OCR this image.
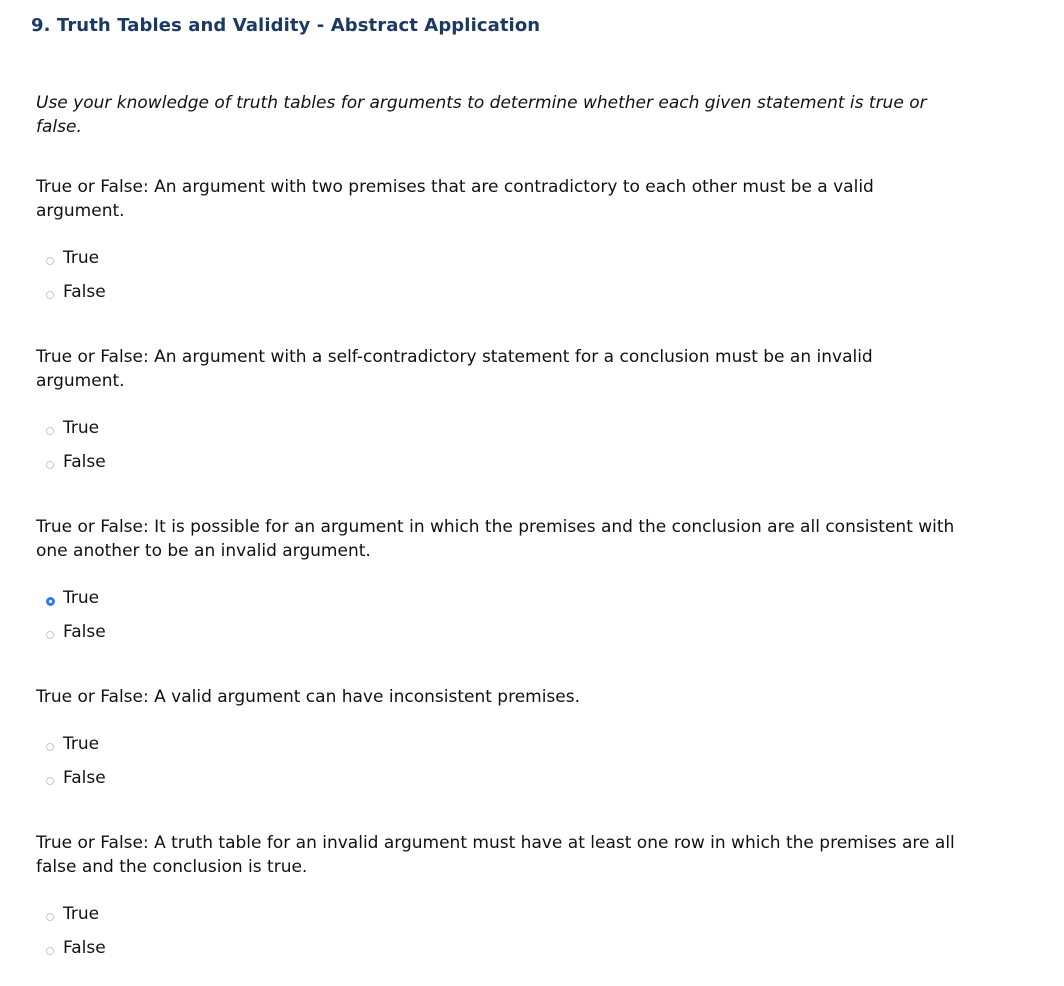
9. Truth Tables and Validity - Abstract Application
Use your knowledge of truth tables for arguments to determine whether each given statement is true or false.
True or False: An argument with two premises that are contradictory to each other must be a valid argument.
True
False
True or False: An argument with a self-contradictory statement for a conclusion must be an invalid argument.
True
False
True or False: It is possible for an argument in which the premises and the conclusion are all consistent with one another to be an invalid argument.
True
False
True or False: A valid argument can have inconsistent premises.
True
False
True or False: A truth table for an invalid argument must have at least one row in which the premises are all false and the conclusion is true.
True
False
